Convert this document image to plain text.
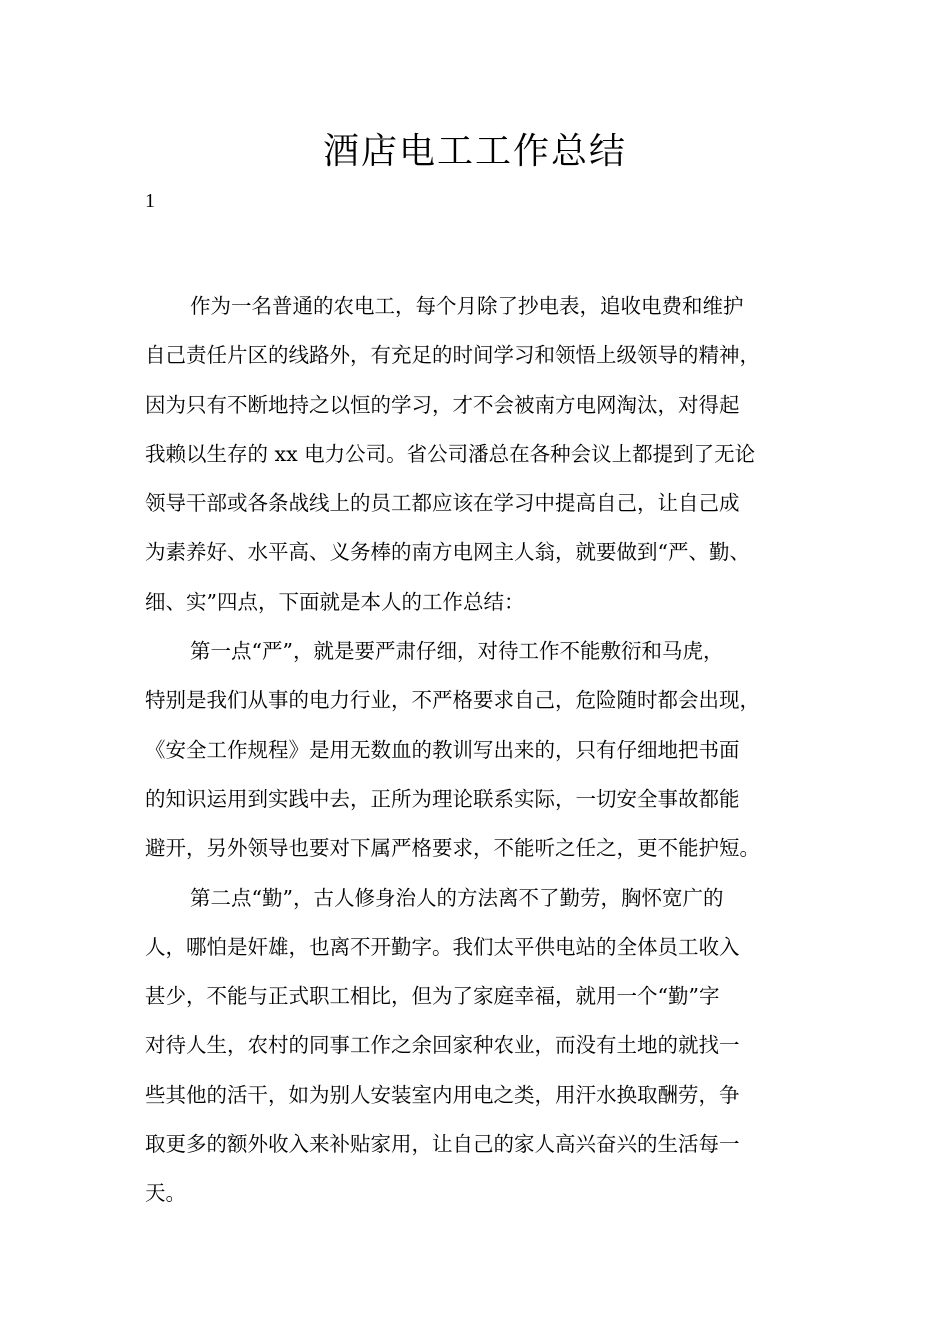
酒店电工工作总结
1

作为一名普通的农电工，每个月除了抄电表，追收电费和维护

自己责任片区的线路外，有充足的时间学习和领悟上级领导的精神，

因为只有不断地持之以恒的学习，才不会被南方电网淘汰，对得起

我赖以生存的 xx 电力公司。省公司潘总在各种会议上都提到了无论

领导干部或各条战线上的员工都应该在学习中提高自己，让自己成

为素养好、水平高、义务棒的南方电网主人翁，就要做到“严、勤、

细、实”四点，下面就是本人的工作总结：

第一点“严”，就是要严肃仔细，对待工作不能敷衍和马虎，

特别是我们从事的电力行业，不严格要求自己，危险随时都会出现，

《安全工作规程》是用无数血的教训写出来的，只有仔细地把书面

的知识运用到实践中去，正所为理论联系实际，一切安全事故都能

避开，另外领导也要对下属严格要求，不能听之任之，更不能护短。

第二点“勤”，古人修身治人的方法离不了勤劳，胸怀宽广的

人，哪怕是奸雄，也离不开勤字。我们太平供电站的全体员工收入

甚少，不能与正式职工相比，但为了家庭幸福，就用一个“勤”字

对待人生，农村的同事工作之余回家种农业，而没有土地的就找一

些其他的活干，如为别人安装室内用电之类，用汗水换取酬劳，争

取更多的额外收入来补贴家用，让自己的家人高兴奋兴的生活每一

天。
